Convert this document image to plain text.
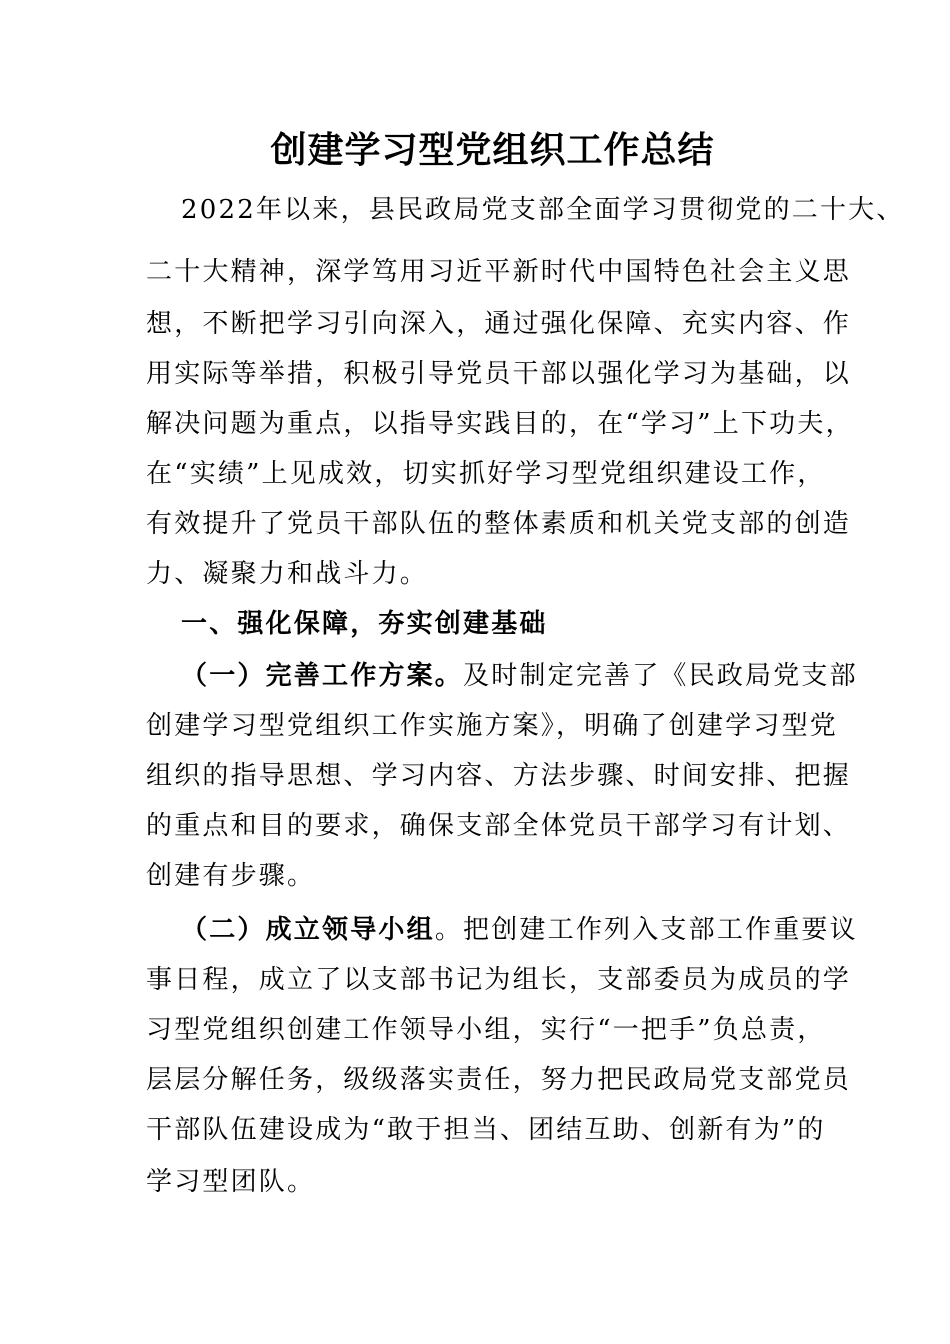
创建学习型党组织工作总结
2022年以来，县民政局党支部全面学习贯彻党的二十大、
二十大精神，深学笃用习近平新时代中国特色社会主义思
想，不断把学习引向深入，通过强化保障、充实内容、作
用实际等举措，积极引导党员干部以强化学习为基础，以
解决问题为重点，以指导实践目的，在“学习”上下功夫，
在“实绩”上见成效，切实抓好学习型党组织建设工作，
有效提升了党员干部队伍的整体素质和机关党支部的创造
力、凝聚力和战斗力。
一、强化保障，夯实创建基础
（一）完善工作方案。及时制定完善了《民政局党支部
创建学习型党组织工作实施方案》，明确了创建学习型党
组织的指导思想、学习内容、方法步骤、时间安排、把握
的重点和目的要求，确保支部全体党员干部学习有计划、
创建有步骤。
（二）成立领导小组。把创建工作列入支部工作重要议
事日程，成立了以支部书记为组长，支部委员为成员的学
习型党组织创建工作领导小组，实行“一把手”负总责，
层层分解任务，级级落实责任，努力把民政局党支部党员
干部队伍建设成为“敢于担当、团结互助、创新有为”的
学习型团队。
